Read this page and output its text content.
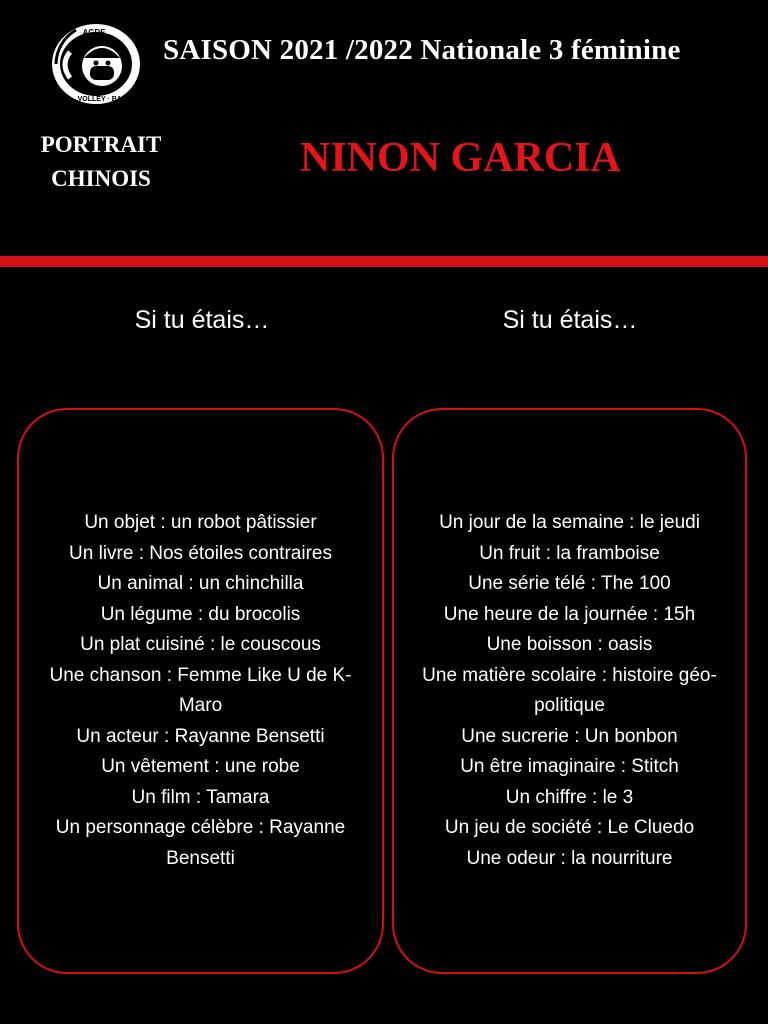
AGDE
VOLLEY · BALL
SAISON 2021 /2022 Nationale 3 féminine
PORTRAIT
CHINOIS	NINON GARCIA
Si tu étais…	Si tu étais…
Un objet : un robot pâtissier
Un livre : Nos étoiles contraires
Un animal : un chinchilla
Un légume : du brocolis
Un plat cuisiné : le couscous
Une chanson : Femme Like U de K-Maro
Un acteur : Rayanne Bensetti
Un vêtement : une robe
Un film : Tamara
Un personnage célèbre : Rayanne Bensetti
Un jour de la semaine : le jeudi
Un fruit : la framboise
Une série télé : The 100
Une heure de la journée : 15h
Une boisson : oasis
Une matière scolaire : histoire géo-politique
Une sucrerie : Un bonbon
Un être imaginaire : Stitch
Un chiffre : le 3
Un jeu de société : Le Cluedo
Une odeur : la nourriture
